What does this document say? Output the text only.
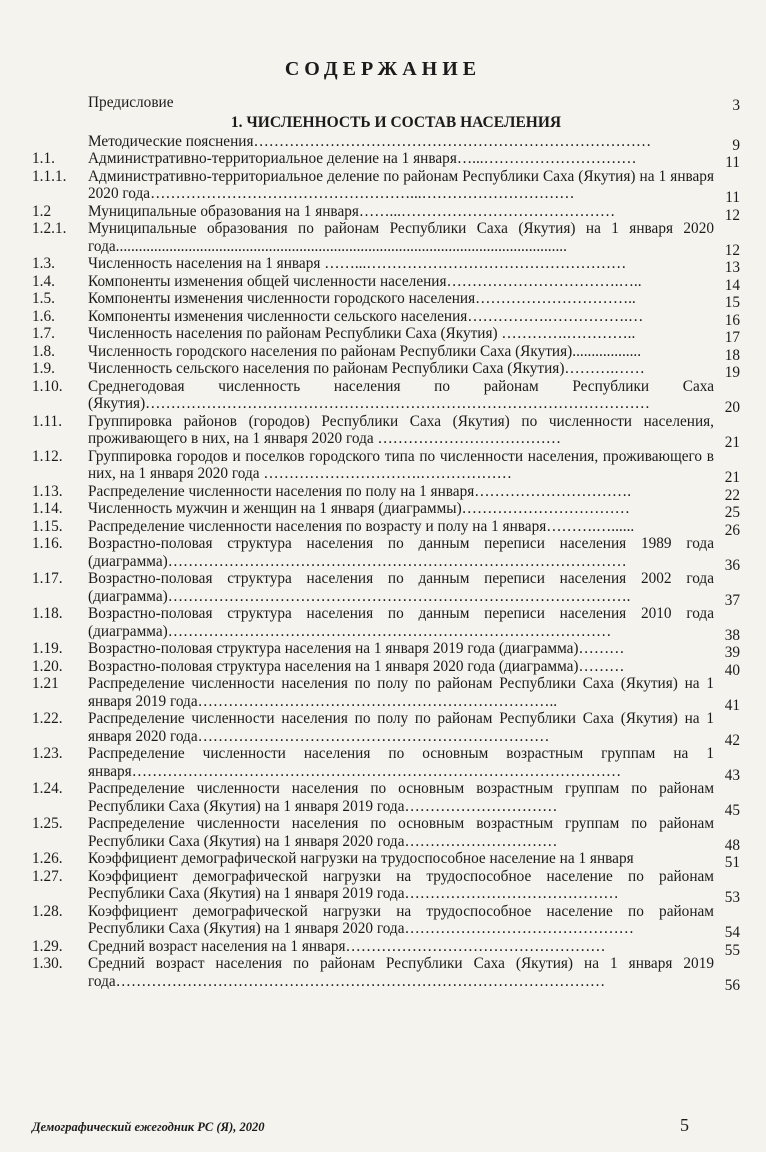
СОДЕРЖАНИЕ
Предисловие	3
1. ЧИСЛЕННОСТЬ И СОСТАВ НАСЕЛЕНИЯ
Методические пояснения……………………………………………………………………	9
1.1. Административно-территориальное деление на 1 января…...…………………………	11
1.1.1. Административно-территориальное деление по районам Республики Саха (Якутия) на 1 января 2020 года……………………………………………...…………………………	11
1.2 Муниципальные образования на 1 января……...……………………………………	12
1.2.1. Муниципальные образования по районам Республики Саха (Якутия) на 1 января 2020 года......................................................................................................................	12
1.3. Численность населения на 1 января ……...……………………………………………	13
1.4. Компоненты изменения общей численности населения…………………………….…..	14
1.5. Компоненты изменения численности городского населения…………………………..	15
1.6. Компоненты изменения численности сельского населения…………….…………….…	16
1.7. Численность населения по районам Республики Саха (Якутия) ………….…………..	17
1.8. Численность городского населения по районам Республики Саха (Якутия)..................	18
1.9. Численность сельского населения по районам Республики Саха (Якутия)……….……	19
1.10. Среднегодовая численность населения по районам Республики Саха (Якутия)………………………………………………………………………………………	20
1.11. Группировка районов (городов) Республики Саха (Якутия) по численности населения, проживающего в них, на 1 января 2020 года ………………………………	21
1.12. Группировка городов и поселков городского типа по численности населения, проживающего в них, на 1 января 2020 года ………………………….………………	21
1.13. Распределение численности населения по полу на 1 января………………………….	22
1.14. Численность мужчин и женщин на 1 января (диаграммы)……………………………	25
1.15. Распределение численности населения по возрасту и полу на 1 января……….…......	26
1.16. Возрастно-половая структура населения по данным переписи населения 1989 года (диаграмма)………………………………………………………………………………	36
1.17. Возрастно-половая структура населения по данным переписи населения 2002 года (диаграмма)……………………………………………………………………………….	37
1.18. Возрастно-половая структура населения по данным переписи населения 2010 года (диаграмма)……………………………………………………………………………	38
1.19. Возрастно-половая структура населения на 1 января 2019 года (диаграмма)………	39
1.20. Возрастно-половая структура населения на 1 января 2020 года (диаграмма)………	40
1.21 Распределение численности населения по полу по районам Республики Саха (Якутия) на 1 января 2019 года……………………………………………………………..	41
1.22. Распределение численности населения по полу по районам Республики Саха (Якутия) на 1 января 2020 года……………………………………………………………	42
1.23. Распределение численности населения по основным возрастным группам на 1 января……………………………………………………………………………………	43
1.24. Распределение численности населения по основным возрастным группам по районам Республики Саха (Якутия) на 1 января 2019 года…………………………	45
1.25. Распределение численности населения по основным возрастным группам по районам Республики Саха (Якутия) на 1 января 2020 года…………………………	48
1.26. Коэффициент демографической нагрузки на трудоспособное население на 1 января	51
1.27. Коэффициент демографической нагрузки на трудоспособное население по районам Республики Саха (Якутия) на 1 января 2019 года……………………………………	53
1.28. Коэффициент демографической нагрузки на трудоспособное население по районам Республики Саха (Якутия) на 1 января 2020 года………………………………………	54
1.29. Средний возраст населения на 1 января……………………………………………	55
1.30. Средний возраст населения по районам Республики Саха (Якутия) на 1 января 2019 года……………………………………………………………………………………	56
Демографический ежегодник РС (Я), 2020	5
